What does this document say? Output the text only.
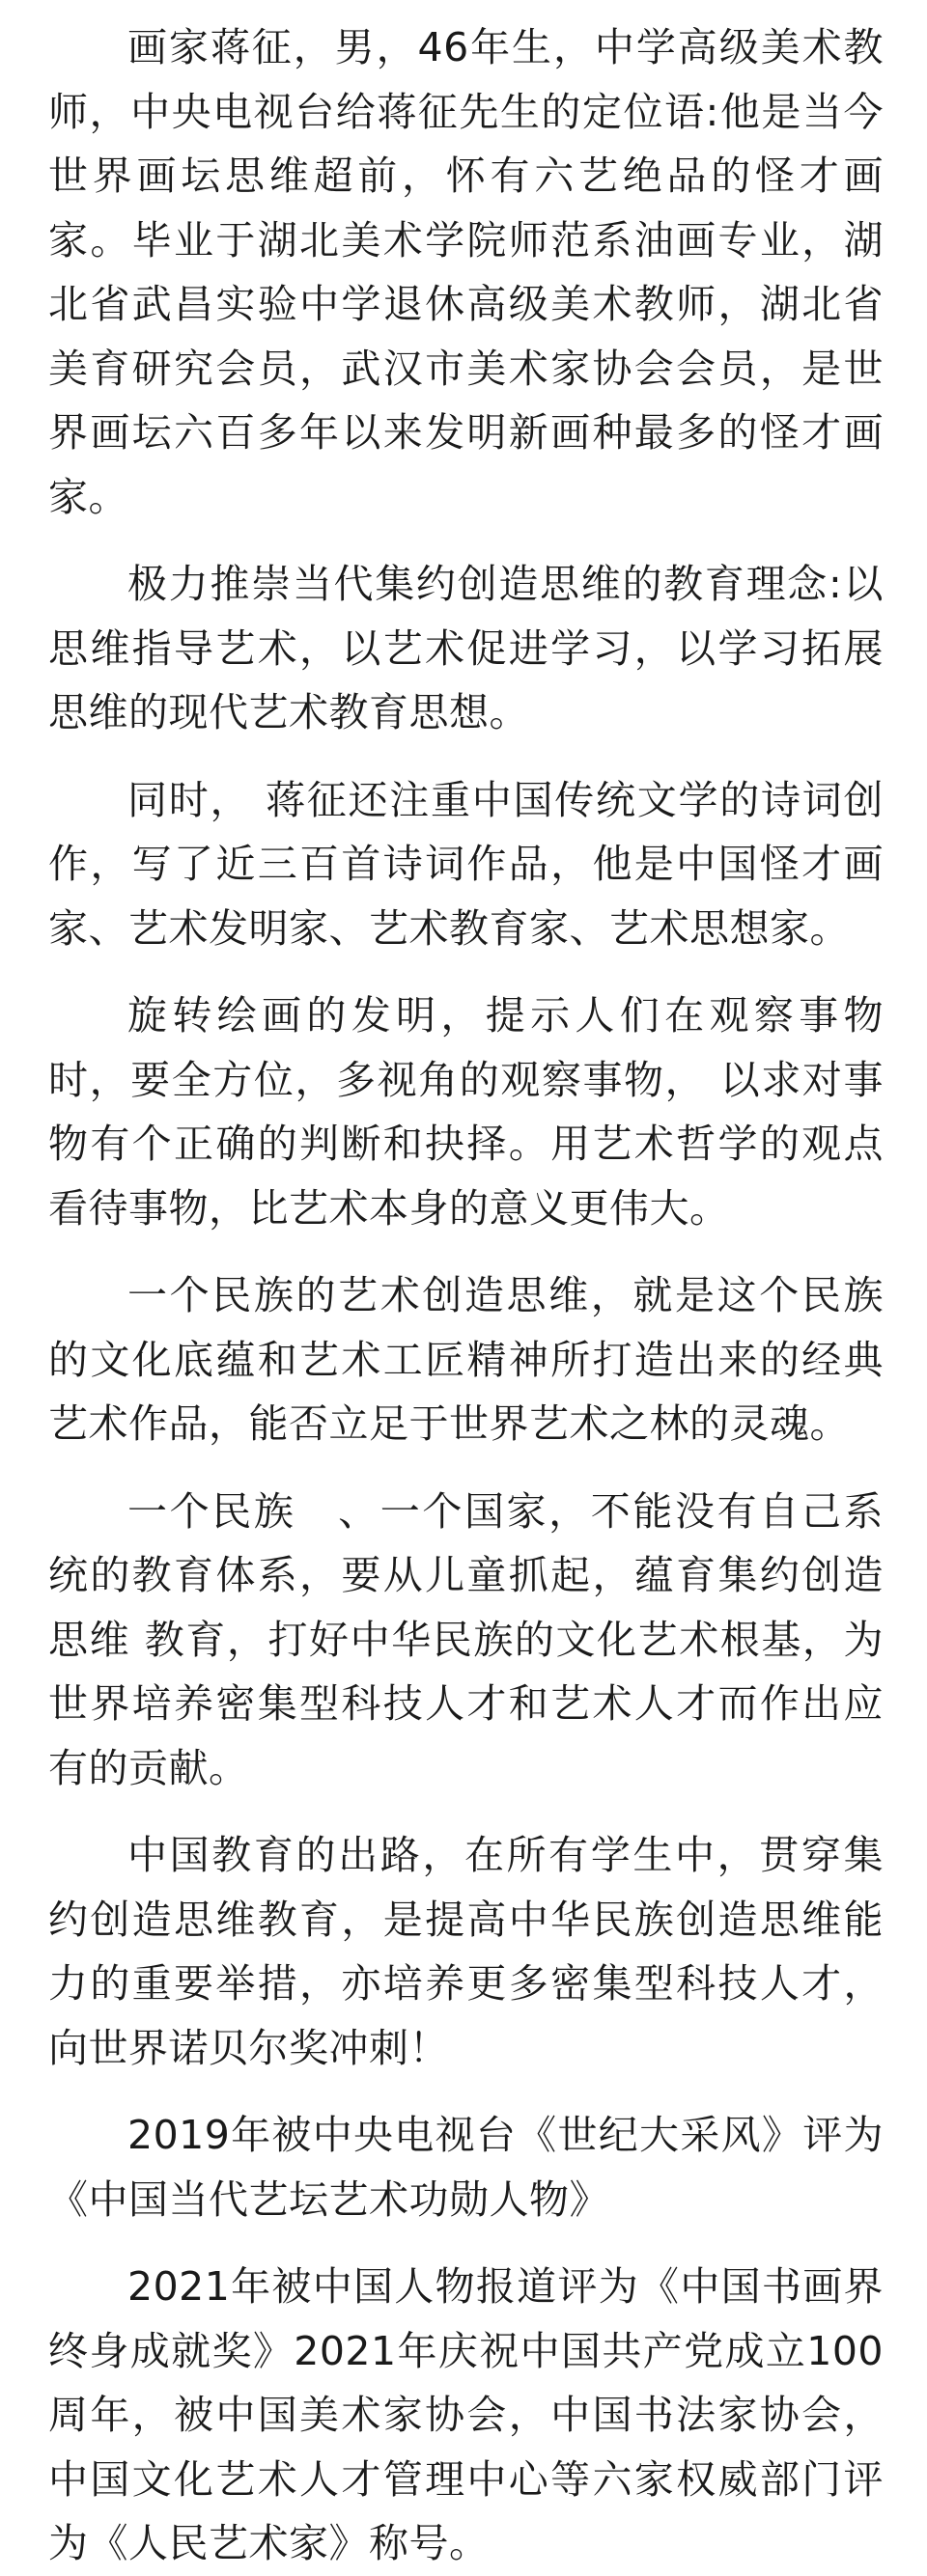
画家蒋征，男，46年生，中学高级美术教师，中央电视台给蒋征先生的定位语:他是当今世界画坛思维超前，怀有六艺绝品的怪才画家。毕业于湖北美术学院师范系油画专业，湖北省武昌实验中学退休高级美术教师，湖北省美育研究会员，武汉市美术家协会会员，是世界画坛六百多年以来发明新画种最多的怪才画家。

极力推崇当代集约创造思维的教育理念:以思维指导艺术，以艺术促进学习，以学习拓展思维的现代艺术教育思想。

同时， 蒋征还注重中国传统文学的诗词创作，写了近三百首诗词作品，他是中国怪才画家、艺术发明家、艺术教育家、艺术思想家。

旋转绘画的发明，提示人们在观察事物时，要全方位，多视角的观察事物， 以求对事物有个正确的判断和抉择。用艺术哲学的观点看待事物，比艺术本身的意义更伟大。

一个民族的艺术创造思维，就是这个民族的文化底蕴和艺术工匠精神所打造出来的经典艺术作品，能否立足于世界艺术之林的灵魂。

一个民族　、一个国家，不能没有自己系统的教育体系，要从儿童抓起，蕴育集约创造思维 教育，打好中华民族的文化艺术根基，为世界培养密集型科技人才和艺术人才而作出应有的贡献。

中国教育的出路，在所有学生中，贯穿集约创造思维教育，是提高中华民族创造思维能力的重要举措，亦培养更多密集型科技人才，向世界诺贝尔奖冲刺！

2019年被中央电视台《世纪大采风》评为《中国当代艺坛艺术功勋人物》

2021年被中国人物报道评为《中国书画界终身成就奖》2021年庆祝中国共产党成立100周年，被中国美术家协会，中国书法家协会，中国文化艺术人才管理中心等六家权威部门评为《人民艺术家》称号。
